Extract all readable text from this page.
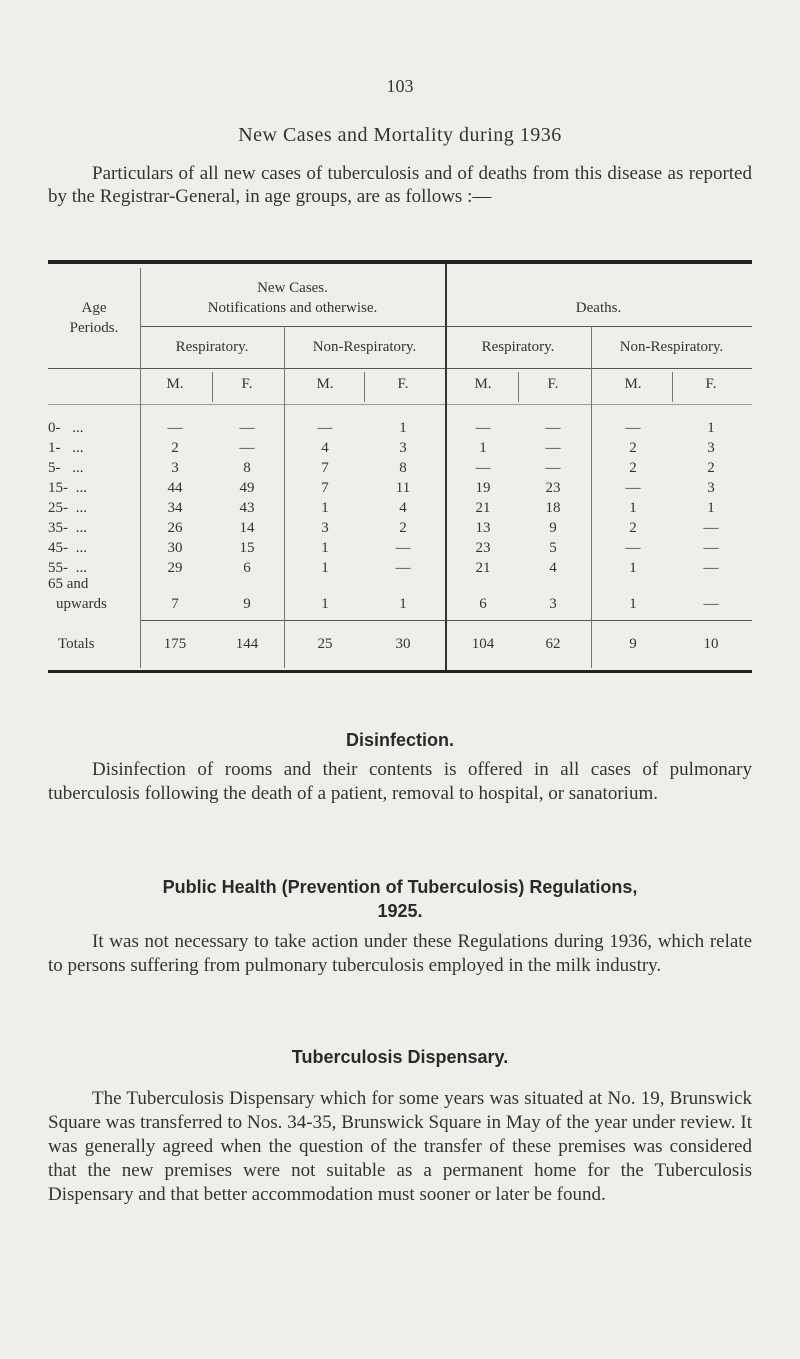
103
New Cases and Mortality during 1936
Particulars of all new cases of tuberculosis and of deaths from this disease as reported by the Registrar-General, in age groups, are as follows :—
Age
Periods.
New Cases.
Notifications and otherwise.	Deaths.
Respiratory.	Non-Respiratory.	Respiratory.	Non-Respiratory.
M.	F.	M.	F.	M.	F.	M.	F.
0- ...	—	—	—	1	—	—	—	1
1- ...	2	—	4	3	1	—	2	3
5- ...	3	8	7	8	—	—	2	2
15- ...	44	49	7	11	19	23	—	3
25- ...	34	43	1	4	21	18	1	1
35- ...	26	14	3	2	13	9	2	—
45- ...	30	15	1	—	23	5	—	—
55- ...	29	6	1	—	21	4	1	—
65 and
upwards	7	9	1	1	6	3	1	—
Totals	175	144	25	30	104	62	9	10
Disinfection.
Disinfection of rooms and their contents is offered in all cases of pulmonary tuberculosis following the death of a patient, removal to hospital, or sanatorium.
Public Health (Prevention of Tuberculosis) Regulations,
1925.
It was not necessary to take action under these Regulations during 1936, which relate to persons suffering from pulmonary tuberculosis employed in the milk industry.
Tuberculosis Dispensary.
The Tuberculosis Dispensary which for some years was situated at No. 19, Brunswick Square was transferred to Nos. 34-35, Brunswick Square in May of the year under review. It was generally agreed when the question of the transfer of these premises was considered that the new premises were not suitable as a permanent home for the Tuberculosis Dispensary and that better accommodation must sooner or later be found.
